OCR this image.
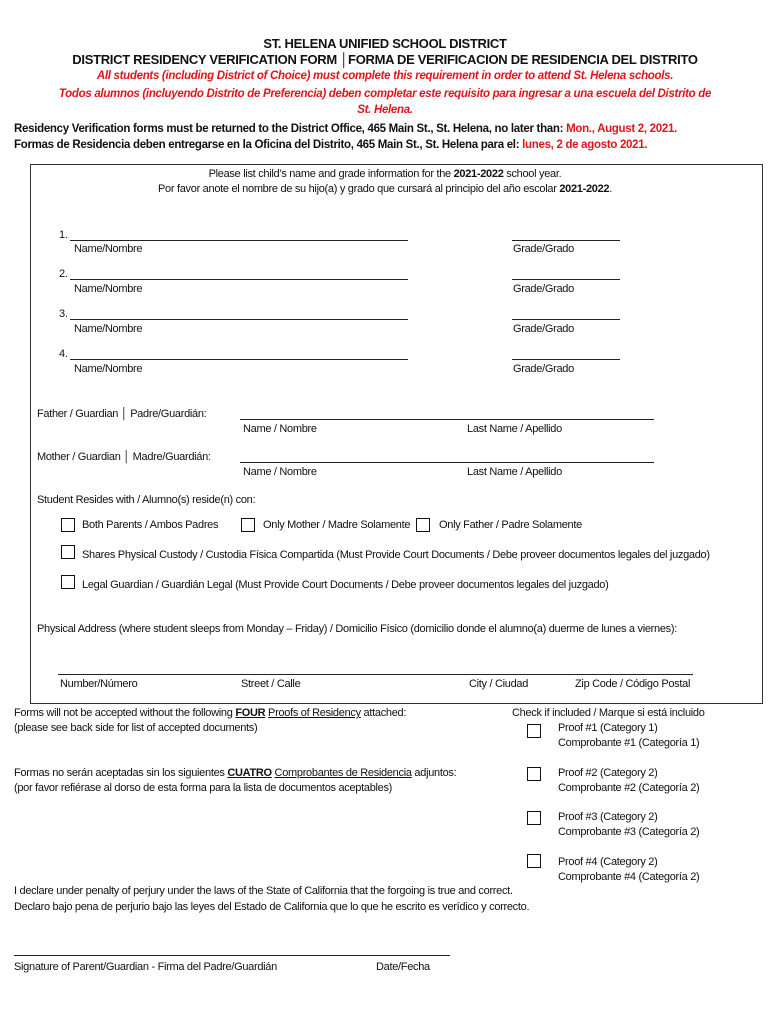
ST. HELENA UNIFIED SCHOOL DISTRICT
DISTRICT RESIDENCY VERIFICATION FORM │FORMA DE VERIFICACION DE RESIDENCIA DEL DISTRITO
All students (including District of Choice) must complete this requirement in order to attend St. Helena schools.
Todos alumnos (incluyendo Distrito de Preferencia) deben completar este requisito para ingresar a una escuela del Distrito de
St. Helena.
Residency Verification forms must be returned to the District Office, 465 Main St., St. Helena, no later than: Mon., August 2, 2021.
Formas de Residencia deben entregarse en la Oficina del Distrito, 465 Main St., St. Helena para el: lunes, 2 de agosto 2021.
Please list child’s name and grade information for the 2021-2022 school year.
Por favor anote el nombre de su hijo(a) y grado que cursará al principio del año escolar 2021-2022.
1.
Name/Nombre	Grade/Grado
2.
Name/Nombre	Grade/Grado
3.
Name/Nombre	Grade/Grado
4.
Name/Nombre	Grade/Grado
Father / Guardian │ Padre/Guardián:
Name / Nombre	Last Name / Apellido
Mother / Guardian │ Madre/Guardián:
Name / Nombre	Last Name / Apellido
Student Resides with / Alumno(s) reside(n) con:
Both Parents / Ambos Padres	Only Mother / Madre Solamente	Only Father / Padre Solamente
Shares Physical Custody / Custodia Física Compartida (Must Provide Court Documents / Debe proveer documentos legales del juzgado)
Legal Guardian / Guardián Legal (Must Provide Court Documents / Debe proveer documentos legales del juzgado)
Physical Address (where student sleeps from Monday – Friday) / Domicilio Físico (domicilio donde el alumno(a) duerme de lunes a viernes):
Number/Número	Street / Calle	City / Ciudad	Zip Code / Código Postal
Forms will not be accepted without the following FOUR Proofs of Residency attached:
(please see back side for list of accepted documents)
Formas no serán aceptadas sin los siguientes CUATRO Comprobantes de Residencia adjuntos:
(por favor refiérase al dorso de esta forma para la lista de documentos aceptables)
Check if included / Marque si está incluido
Proof #1 (Category 1)
Comprobante #1 (Categoría 1)
Proof #2 (Category 2)
Comprobante #2 (Categoría 2)
Proof #3 (Category 2)
Comprobante #3 (Categoría 2)
Proof #4 (Category 2)
Comprobante #4 (Categoría 2)
I declare under penalty of perjury under the laws of the State of California that the forgoing is true and correct.
Declaro bajo pena de perjurio bajo las leyes del Estado de California que lo que he escrito es verídico y correcto.
Signature of Parent/Guardian - Firma del Padre/Guardián	Date/Fecha
